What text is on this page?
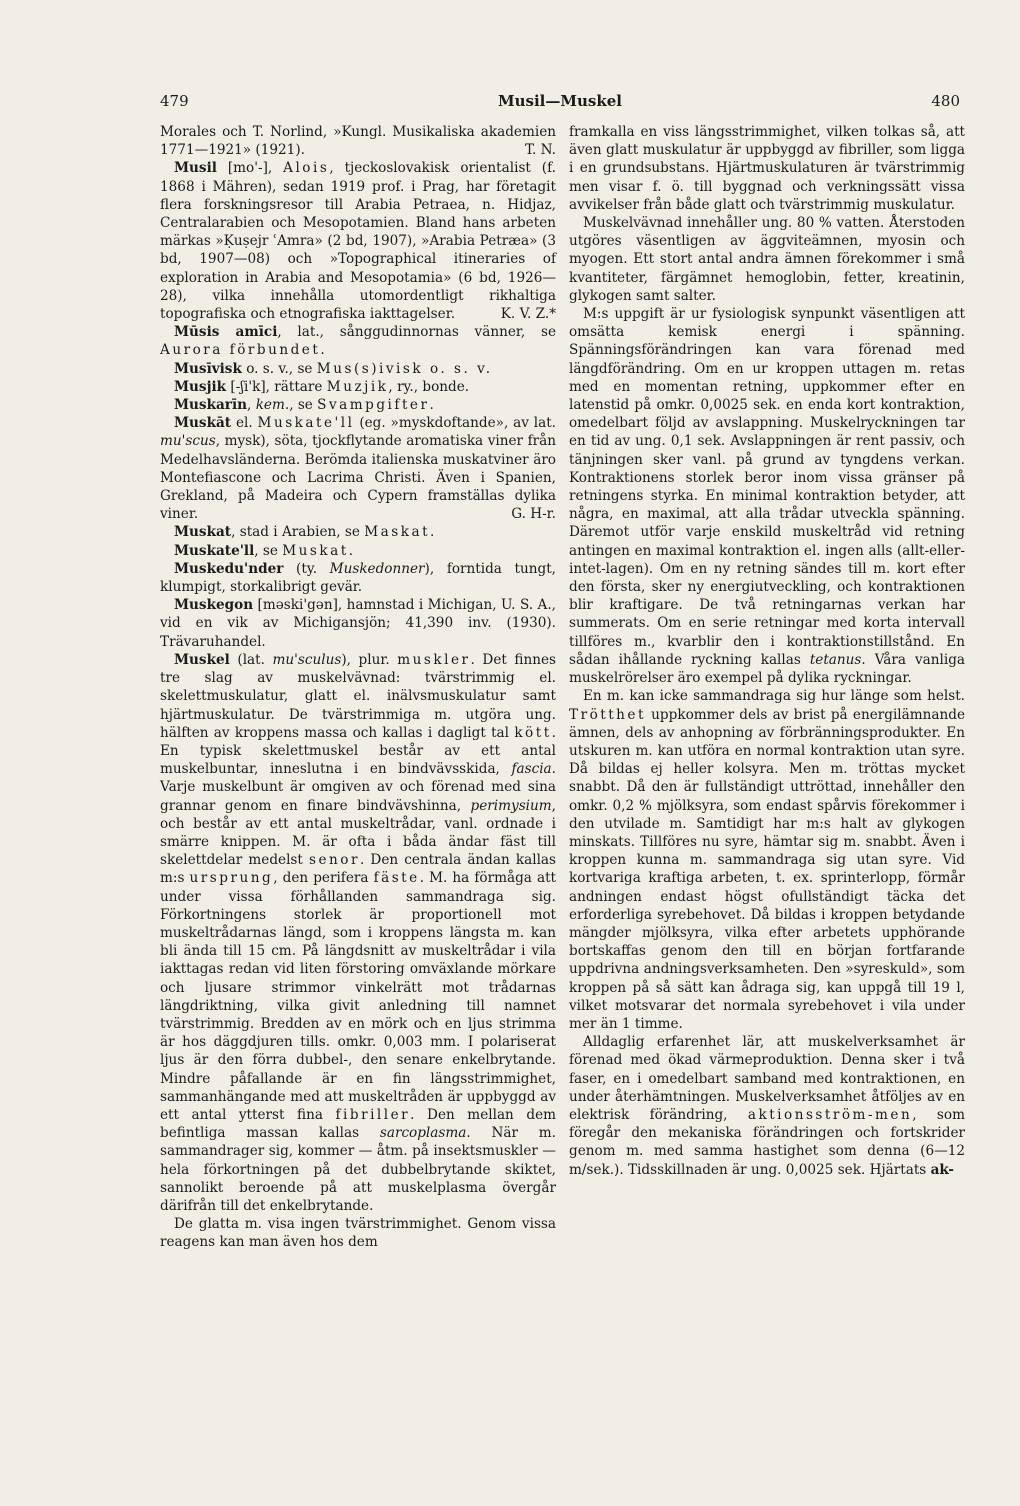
479	Musil—Muskel	480

Morales och T. Norlind, »Kungl. Musikaliska akademien 1771—1921» (1921).	T. N.

Musil [mo'-], Alois, tjeckoslovakisk orientalist (f. 1868 i Mähren), sedan 1919 prof. i Prag, har företagit flera forskningsresor till Arabia Petraea, n. Hidjaz, Centralarabien och Mesopotamien. Bland hans arbeten märkas »Ḳuṣejr ʿAmra» (2 bd, 1907), »Arabia Petræa» (3 bd, 1907—08) och »Topographical itineraries of exploration in Arabia and Mesopotamia» (6 bd, 1926—28), vilka innehålla utomordentligt rikhaltiga topografiska och etnografiska iakttagelser.	K. V. Z.*

Mūsis amīci, lat., sånggudinnornas vänner, se Aurora förbundet.

Musīvisk o. s. v., se Mus(s)ivisk o. s. v.

Musjik [-ʃi'k], rättare Muzjik, ry., bonde.

Muskarīn, kem., se Svampgifter.

Muskāt el. Muskate'll (eg. »myskdoftande», av lat. mu'scus, mysk), söta, tjockflytande aromatiska viner från Medelhavsländerna. Berömda italienska muskatviner äro Montefiascone och Lacrima Christi. Även i Spanien, Grekland, på Madeira och Cypern framställas dylika viner.	G. H-r.

Muskat, stad i Arabien, se Maskat.

Muskate'll, se Muskat.

Muskedu'nder (ty. Muskedonner), forntida tungt, klumpigt, storkalibrigt gevär.

Muskegon [məski'gən], hamnstad i Michigan, U. S. A., vid en vik av Michigansjön; 41,390 inv. (1930). Trävaruhandel.

Muskel (lat. mu'sculus), plur. muskler. Det finnes tre slag av muskelvävnad: tvärstrimmig el. skelettmuskulatur, glatt el. inälvsmuskulatur samt hjärtmuskulatur. De tvärstrimmiga m. utgöra ung. hälften av kroppens massa och kallas i dagligt tal kött. En typisk skelettmuskel består av ett antal muskelbuntar, inneslutna i en bindvävsskida, fascia. Varje muskelbunt är omgiven av och förenad med sina grannar genom en finare bindvävshinna, perimysium, och består av ett antal muskeltrådar, vanl. ordnade i smärre knippen. M. är ofta i båda ändar fäst till skelettdelar medelst senor. Den centrala ändan kallas m:s ursprung, den perifera fäste. M. ha förmåga att under vissa förhållanden sammandraga sig. Förkortningens storlek är proportionell mot muskeltrådarnas längd, som i kroppens längsta m. kan bli ända till 15 cm. På längdsnitt av muskeltrådar i vila iakttagas redan vid liten förstoring omväxlande mörkare och ljusare strimmor vinkelrätt mot trådarnas längdriktning, vilka givit anledning till namnet tvärstrimmig. Bredden av en mörk och en ljus strimma är hos däggdjuren tills. omkr. 0,003 mm. I polariserat ljus är den förra dubbel-, den senare enkelbrytande. Mindre påfallande är en fin längsstrimmighet, sammanhängande med att muskeltråden är uppbyggd av ett antal ytterst fina fibriller. Den mellan dem befintliga massan kallas sarcoplasma. När m. sammandrager sig, kommer — åtm. på insektsmuskler — hela förkortningen på det dubbelbrytande skiktet, sannolikt beroende på att muskelplasma övergår därifrån till det enkelbrytande.

De glatta m. visa ingen tvärstrimmighet. Genom vissa reagens kan man även hos dem

framkalla en viss längsstrimmighet, vilken tolkas så, att även glatt muskulatur är uppbyggd av fibriller, som ligga i en grundsubstans. Hjärtmuskulaturen är tvärstrimmig men visar f. ö. till byggnad och verkningssätt vissa avvikelser från både glatt och tvärstrimmig muskulatur.

Muskelvävnad innehåller ung. 80 % vatten. Återstoden utgöres väsentligen av äggviteämnen, myosin och myogen. Ett stort antal andra ämnen förekommer i små kvantiteter, färgämnet hemoglobin, fetter, kreatinin, glykogen samt salter.

M:s uppgift är ur fysiologisk synpunkt väsentligen att omsätta kemisk energi i spänning. Spänningsförändringen kan vara förenad med längdförändring. Om en ur kroppen uttagen m. retas med en momentan retning, uppkommer efter en latenstid på omkr. 0,0025 sek. en enda kort kontraktion, omedelbart följd av avslappning. Muskelryckningen tar en tid av ung. 0,1 sek. Avslappningen är rent passiv, och tänjningen sker vanl. på grund av tyngdens verkan. Kontraktionens storlek beror inom vissa gränser på retningens styrka. En minimal kontraktion betyder, att några, en maximal, att alla trådar utveckla spänning. Däremot utför varje enskild muskeltråd vid retning antingen en maximal kontraktion el. ingen alls (allt-eller-intet-lagen). Om en ny retning sändes till m. kort efter den första, sker ny energiutveckling, och kontraktionen blir kraftigare. De två retningarnas verkan har summerats. Om en serie retningar med korta intervall tillföres m., kvarblir den i kontraktionstillstånd. En sådan ihållande ryckning kallas tetanus. Våra vanliga muskelrörelser äro exempel på dylika ryckningar.

En m. kan icke sammandraga sig hur länge som helst. Trötthet uppkommer dels av brist på energilämnande ämnen, dels av anhopning av förbränningsprodukter. En utskuren m. kan utföra en normal kontraktion utan syre. Då bildas ej heller kolsyra. Men m. tröttas mycket snabbt. Då den är fullständigt uttröttad, innehåller den omkr. 0,2 % mjölksyra, som endast spårvis förekommer i den utvilade m. Samtidigt har m:s halt av glykogen minskats. Tillföres nu syre, hämtar sig m. snabbt. Även i kroppen kunna m. sammandraga sig utan syre. Vid kortvariga kraftiga arbeten, t. ex. sprinterlopp, förmår andningen endast högst ofullständigt täcka det erforderliga syrebehovet. Då bildas i kroppen betydande mängder mjölksyra, vilka efter arbetets upphörande bortskaffas genom den till en början fortfarande uppdrivna andningsverksamheten. Den »syreskuld», som kroppen på så sätt kan ådraga sig, kan uppgå till 19 l, vilket motsvarar det normala syrebehovet i vila under mer än 1 timme.

Alldaglig erfarenhet lär, att muskelverksamhet är förenad med ökad värmeproduktion. Denna sker i två faser, en i omedelbart samband med kontraktionen, en under återhämtningen. Muskelverksamhet åtföljes av en elektrisk förändring, aktionsström-men, som föregår den mekaniska förändringen och fortskrider genom m. med samma hastighet som denna (6—12 m/sek.). Tidsskillnaden är ung. 0,0025 sek. Hjärtats ak-
